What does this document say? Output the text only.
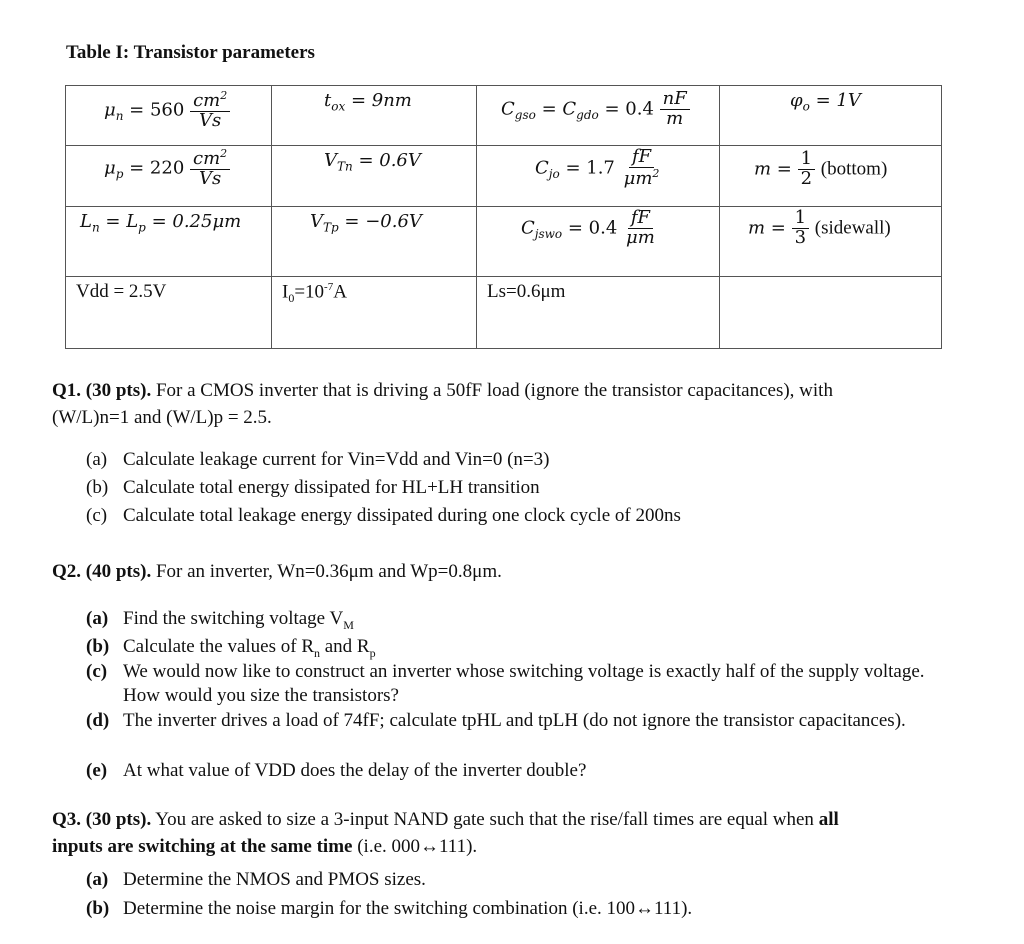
Table I: Transistor parameters
$\mu_n = 560 \frac{cm^2}{Vs}$	$t_{ox} = 9nm$	$C_{gso} = C_{gdo} = 0.4 \frac{nF}{m}$	$\varphi_o = 1V$

$\mu_p = 220 \frac{cm^2}{Vs}$	$V_{Tn} = 0.6V$	$C_{jo} = 1.7 \frac{fF}{\mu m^2}$	$m = \frac{1}{2}$ (bottom)

$L_n = L_p = 0.25\mu m$	$V_{Tp} = -0.6V$	$C_{jswo} = 0.4 \frac{fF}{\mu m}$	$m = \frac{1}{3}$ (sidewall)

Vdd = 2.5V	$I_0=10^{-7}A$	Ls=0.6μm	

Q1. (30 pts). For a CMOS inverter that is driving a 50fF load (ignore the transistor capacitances), with
(W/L)n=1 and (W/L)p = 2.5.
(a) Calculate leakage current for Vin=Vdd and Vin=0 (n=3)
(b) Calculate total energy dissipated for HL+LH transition
(c) Calculate total leakage energy dissipated during one clock cycle of 200ns
Q2. (40 pts). For an inverter, Wn=0.36μm and Wp=0.8μm.
(a) Find the switching voltage $V_M$
(b) Calculate the values of $R_n$ and $R_p$
(c) We would now like to construct an inverter whose switching voltage is exactly half of the supply voltage. How would you size the transistors?
(d) The inverter drives a load of 74fF; calculate tpHL and tpLH (do not ignore the transistor capacitances).
(e) At what value of VDD does the delay of the inverter double?
Q3. (30 pts). You are asked to size a 3-input NAND gate such that the rise/fall times are equal when all
inputs are switching at the same time (i.e. 000↔111).
(a) Determine the NMOS and PMOS sizes.
(b) Determine the noise margin for the switching combination (i.e. 100↔111).
